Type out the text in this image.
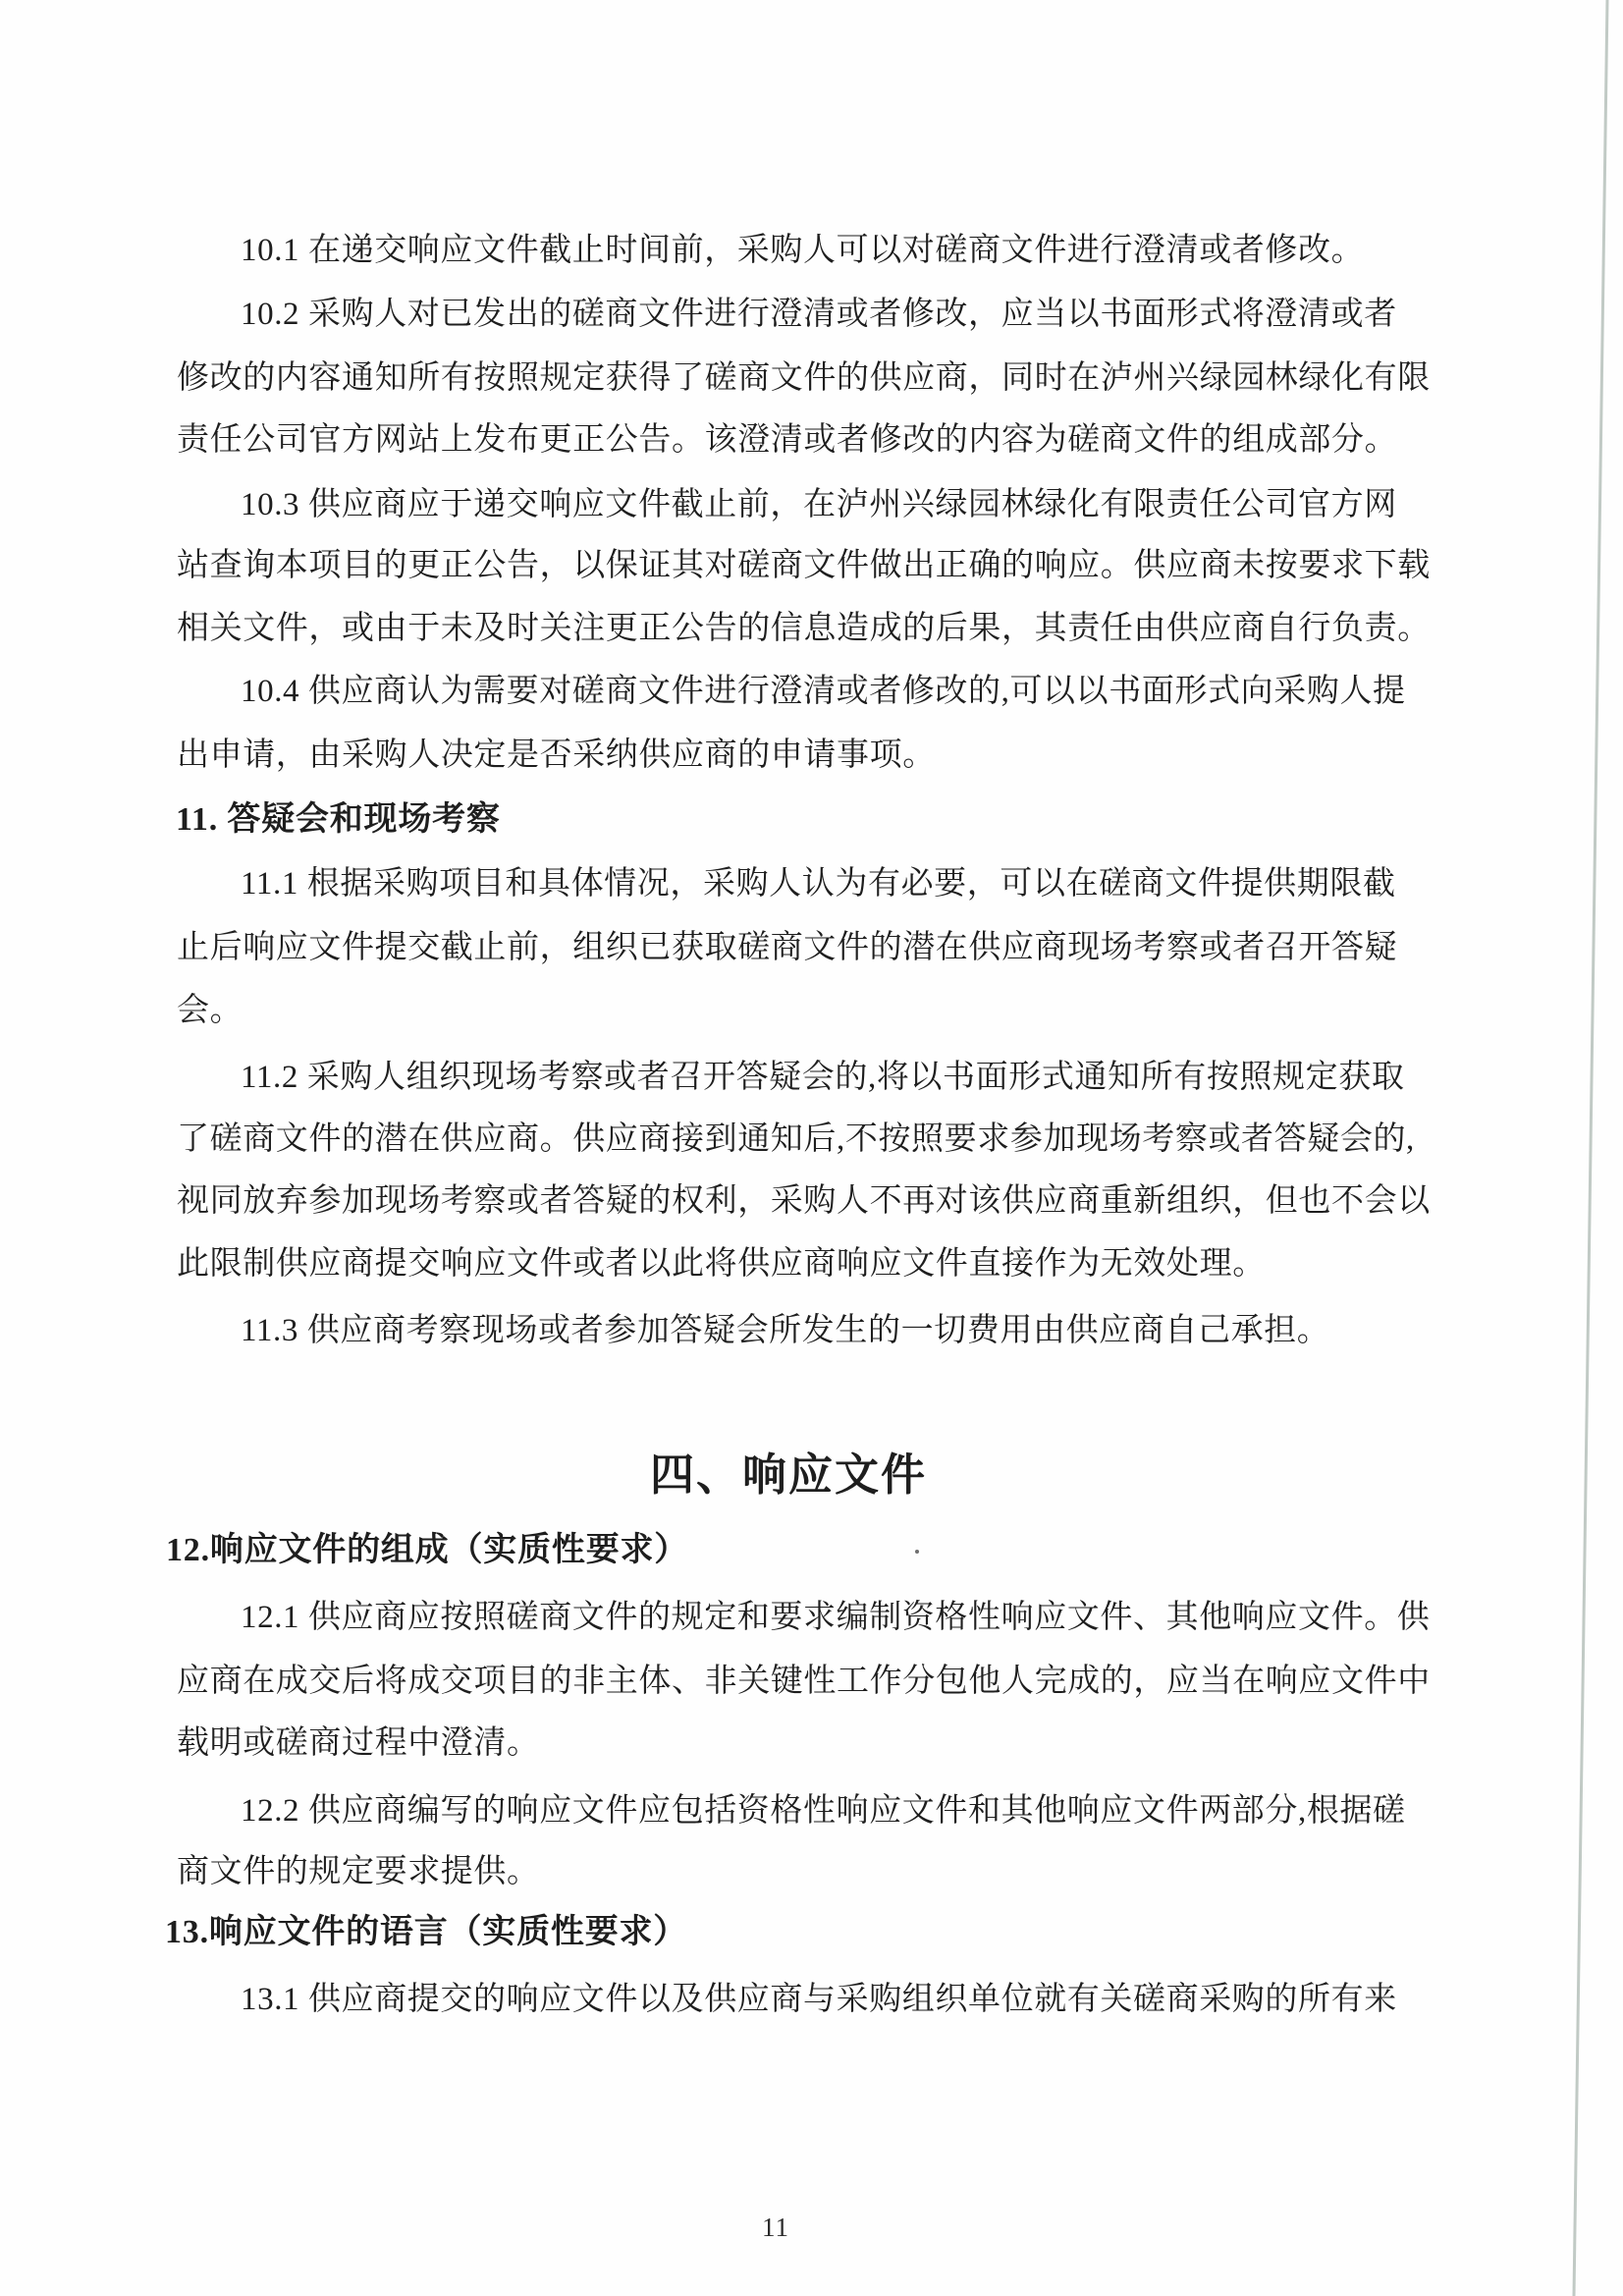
10.1 在递交响应文件截止时间前，采购人可以对磋商文件进行澄清或者修改。
10.2 采购人对已发出的磋商文件进行澄清或者修改，应当以书面形式将澄清或者
修改的内容通知所有按照规定获得了磋商文件的供应商，同时在泸州兴绿园林绿化有限
责任公司官方网站上发布更正公告。该澄清或者修改的内容为磋商文件的组成部分。
10.3 供应商应于递交响应文件截止前，在泸州兴绿园林绿化有限责任公司官方网
站查询本项目的更正公告，以保证其对磋商文件做出正确的响应。供应商未按要求下载
相关文件，或由于未及时关注更正公告的信息造成的后果，其责任由供应商自行负责。
10.4 供应商认为需要对磋商文件进行澄清或者修改的,可以以书面形式向采购人提
出申请，由采购人决定是否采纳供应商的申请事项。
11. 答疑会和现场考察
11.1 根据采购项目和具体情况，采购人认为有必要，可以在磋商文件提供期限截
止后响应文件提交截止前，组织已获取磋商文件的潜在供应商现场考察或者召开答疑
会。
11.2 采购人组织现场考察或者召开答疑会的,将以书面形式通知所有按照规定获取
了磋商文件的潜在供应商。供应商接到通知后,不按照要求参加现场考察或者答疑会的,
视同放弃参加现场考察或者答疑的权利，采购人不再对该供应商重新组织，但也不会以
此限制供应商提交响应文件或者以此将供应商响应文件直接作为无效处理。
11.3 供应商考察现场或者参加答疑会所发生的一切费用由供应商自己承担。
四、响应文件
12.响应文件的组成（实质性要求）
12.1 供应商应按照磋商文件的规定和要求编制资格性响应文件、其他响应文件。供
应商在成交后将成交项目的非主体、非关键性工作分包他人完成的，应当在响应文件中
载明或磋商过程中澄清。
12.2 供应商编写的响应文件应包括资格性响应文件和其他响应文件两部分,根据磋
商文件的规定要求提供。
13.响应文件的语言（实质性要求）
13.1 供应商提交的响应文件以及供应商与采购组织单位就有关磋商采购的所有来
11
